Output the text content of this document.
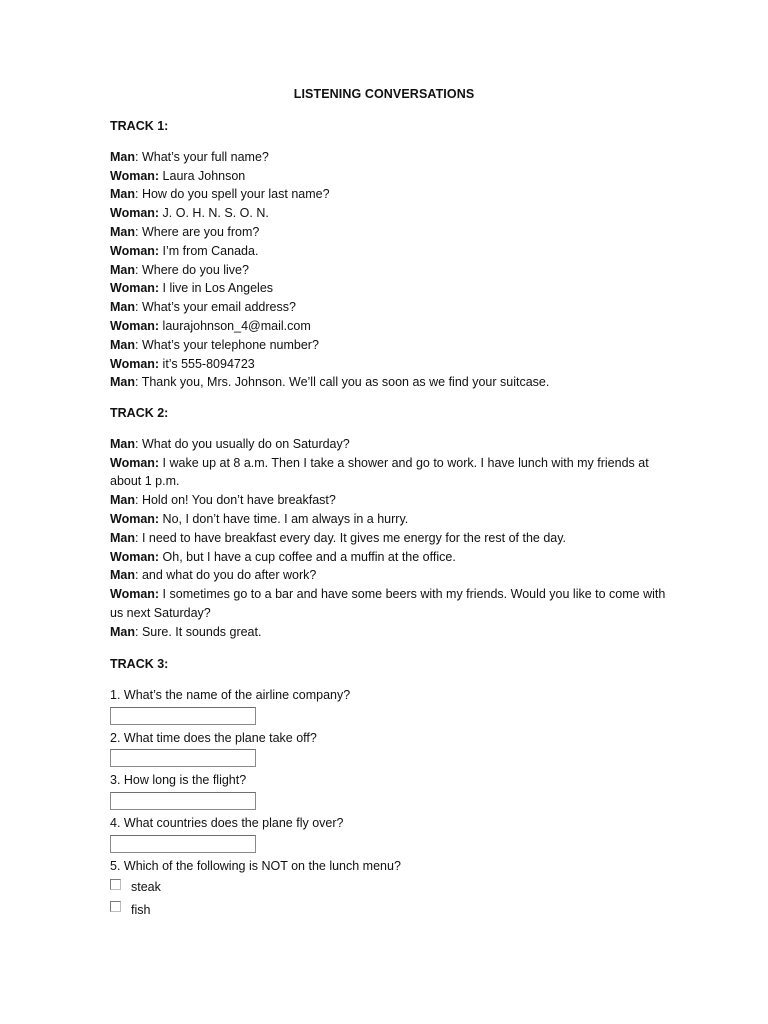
LISTENING CONVERSATIONS

TRACK 1:

Man: What’s your full name?

Woman: Laura Johnson

Man: How do you spell your last name?

Woman: J. O. H. N. S. O. N.

Man: Where are you from?

Woman: I’m from Canada.

Man: Where do you live?

Woman: I live in Los Angeles

Man: What’s your email address?

Woman: laurajohnson_4@mail.com

Man: What’s your telephone number?

Woman: it’s 555-8094723

Man: Thank you, Mrs. Johnson. We’ll call you as soon as we find your suitcase.

TRACK 2:

Man: What do you usually do on Saturday?

Woman: I wake up at 8 a.m. Then I take a shower and go to work. I have lunch with my friends at about 1 p.m.

Man: Hold on! You don’t have breakfast?

Woman: No, I don’t have time. I am always in a hurry.

Man: I need to have breakfast every day. It gives me energy for the rest of the day.

Woman: Oh, but I have a cup coffee and a muffin at the office.

Man: and what do you do after work?

Woman: I sometimes go to a bar and have some beers with my friends. Would you like to come with us next Saturday?

Man: Sure. It sounds great.

TRACK 3:

1. What’s the name of the airline company?

2. What time does the plane take off?

3. How long is the flight?

4. What countries does the plane fly over?

5. Which of the following is NOT on the lunch menu?

steak
fish
